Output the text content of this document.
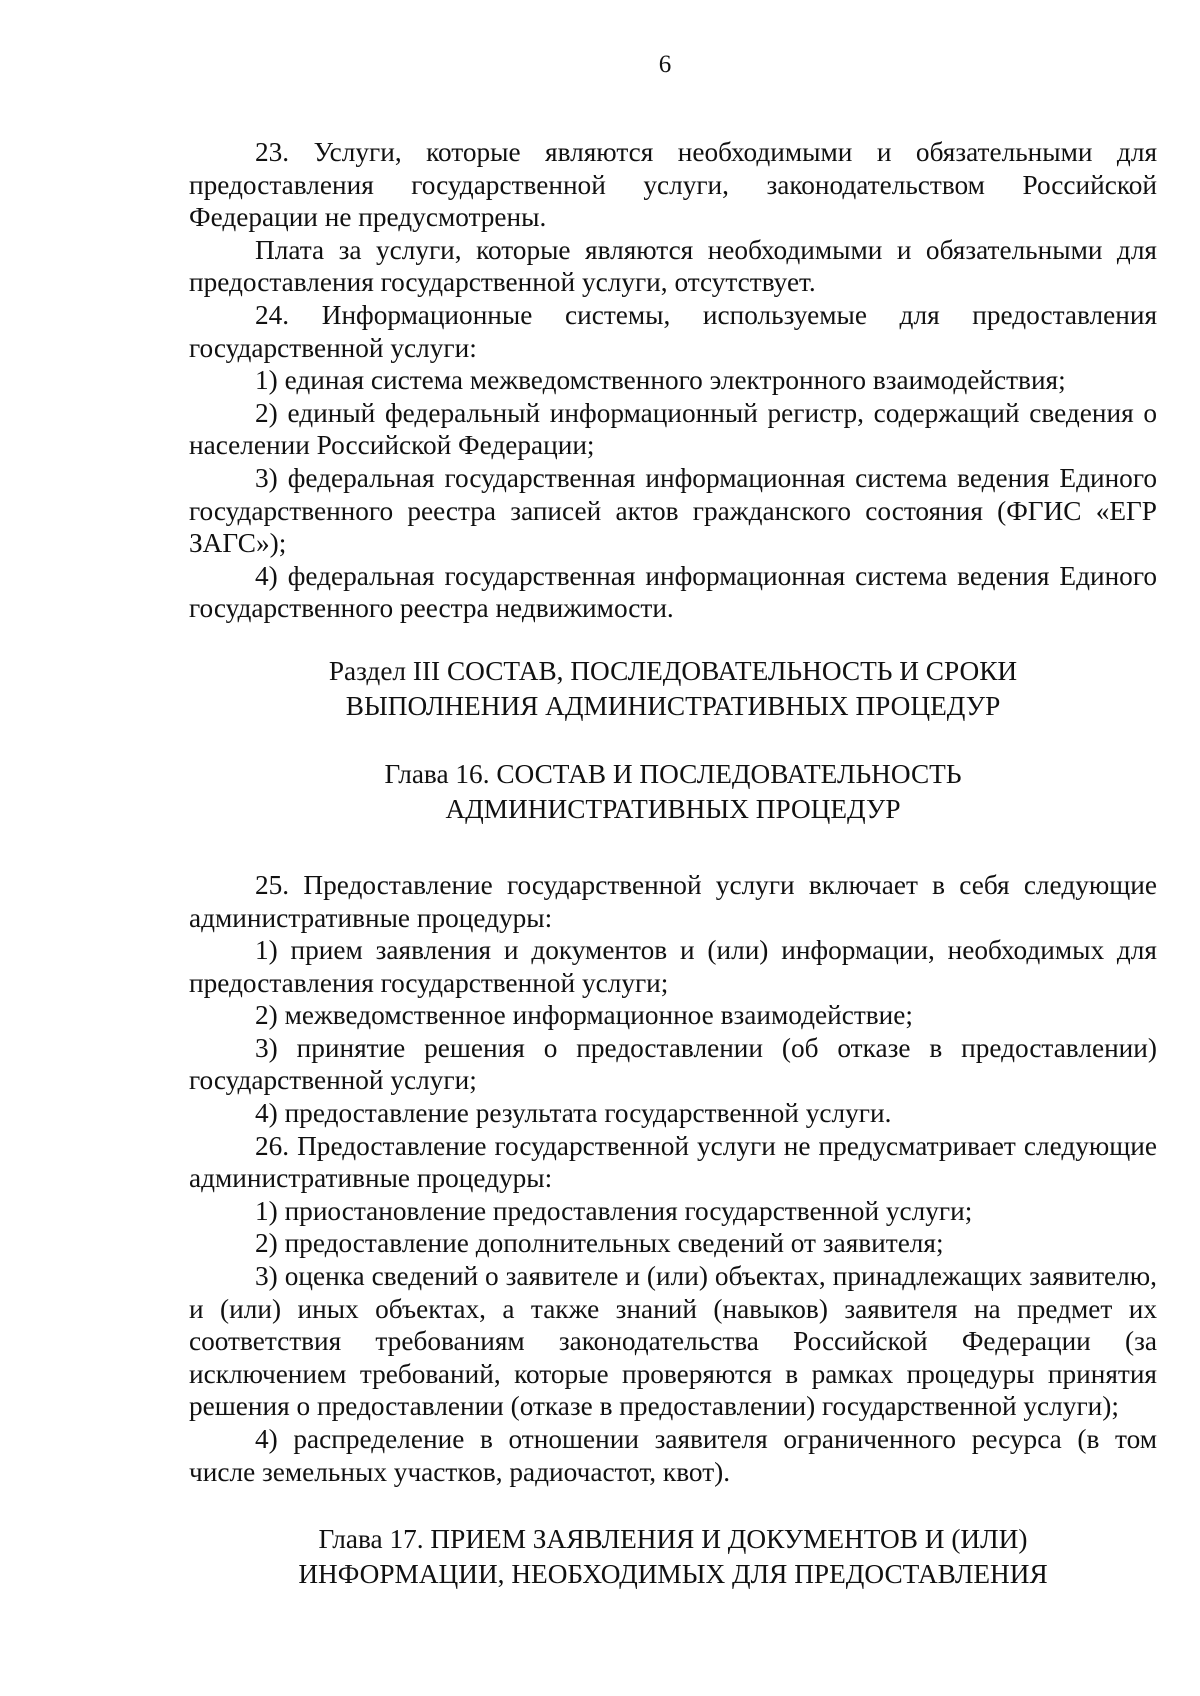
6

23. Услуги, которые являются необходимыми и обязательными для предоставления государственной услуги, законодательством Российской Федерации не предусмотрены.

Плата за услуги, которые являются необходимыми и обязательными для предоставления государственной услуги, отсутствует.

24. Информационные системы, используемые для предоставления государственной услуги:

1) единая система межведомственного электронного взаимодействия;

2) единый федеральный информационный регистр, содержащий сведения о населении Российской Федерации;

3) федеральная государственная информационная система ведения Единого государственного реестра записей актов гражданского состояния (ФГИС «ЕГР ЗАГС»);

4) федеральная государственная информационная система ведения Единого государственного реестра недвижимости.

Раздел III СОСТАВ, ПОСЛЕДОВАТЕЛЬНОСТЬ И СРОКИ

ВЫПОЛНЕНИЯ АДМИНИСТРАТИВНЫХ ПРОЦЕДУР

Глава 16. СОСТАВ И ПОСЛЕДОВАТЕЛЬНОСТЬ

АДМИНИСТРАТИВНЫХ ПРОЦЕДУР

25. Предоставление государственной услуги включает в себя следующие административные процедуры:

1) прием заявления и документов и (или) информации, необходимых для предоставления государственной услуги;

2) межведомственное информационное взаимодействие;

3) принятие решения о предоставлении (об отказе в предоставлении) государственной услуги;

4) предоставление результата государственной услуги.

26. Предоставление государственной услуги не предусматривает следующие административные процедуры:

1) приостановление предоставления государственной услуги;

2) предоставление дополнительных сведений от заявителя;

3) оценка сведений о заявителе и (или) объектах, принадлежащих заявителю, и (или) иных объектах, а также знаний (навыков) заявителя на предмет их соответствия требованиям законодательства Российской Федерации (за исключением требований, которые проверяются в рамках процедуры принятия решения о предоставлении (отказе в предоставлении) государственной услуги);

4) распределение в отношении заявителя ограниченного ресурса (в том числе земельных участков, радиочастот, квот).

Глава 17. ПРИЕМ ЗАЯВЛЕНИЯ И ДОКУМЕНТОВ И (ИЛИ)

ИНФОРМАЦИИ, НЕОБХОДИМЫХ ДЛЯ ПРЕДОСТАВЛЕНИЯ
